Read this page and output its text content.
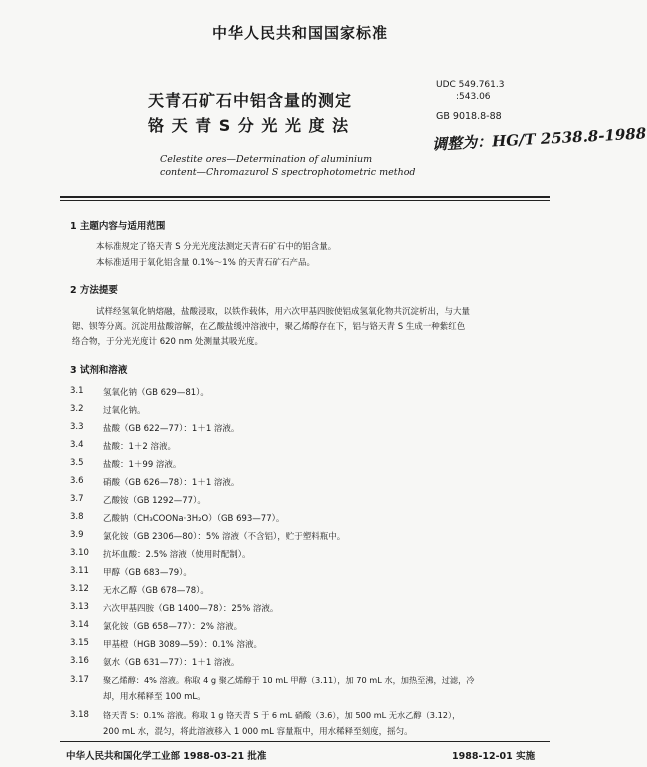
中华人民共和国国家标准
天青石矿石中铝含量的测定
铬 天 青 S 分 光 光 度 法
UDC 549.761.3
:543.06
GB 9018.8-88
调整为：HG/T 2538.8-1988
Celestite ores—Determination of aluminium
content—Chromazurol S spectrophotometric method
1 主题内容与适用范围
本标准规定了铬天青 S 分光光度法测定天青石矿石中的铝含量。
本标准适用于氧化铝含量 0.1%～1% 的天青石矿石产品。
2 方法提要
试样经氢氧化钠熔融，盐酸浸取，以铁作载体，用六次甲基四胺使铝成氢氧化物共沉淀析出，与大量
锶、钡等分离。沉淀用盐酸溶解，在乙酸盐缓冲溶液中，聚乙烯醇存在下，铝与铬天青 S 生成一种紫红色
络合物，于分光光度计 620 nm 处测量其吸光度。
3 试剂和溶液
3.1 氢氧化钠（GB 629—81）。
3.2 过氧化钠。
3.3 盐酸（GB 622—77）：1＋1 溶液。
3.4 盐酸：1＋2 溶液。
3.5 盐酸：1＋99 溶液。
3.6 硝酸（GB 626—78）：1＋1 溶液。
3.7 乙酸铵（GB 1292—77）。
3.8 乙酸钠（CH₃COONa·3H₂O）（GB 693—77）。
3.9 氯化铵（GB 2306—80）：5% 溶液（不含铝），贮于塑料瓶中。
3.10 抗坏血酸：2.5% 溶液（使用时配制）。
3.11 甲醇（GB 683—79）。
3.12 无水乙醇（GB 678—78）。
3.13 六次甲基四胺（GB 1400—78）：25% 溶液。
3.14 氯化铵（GB 658—77）：2% 溶液。
3.15 甲基橙（HGB 3089—59）：0.1% 溶液。
3.16 氨水（GB 631—77）：1＋1 溶液。
3.17 聚乙烯醇：4% 溶液。称取 4 g 聚乙烯醇于 10 mL 甲醇（3.11），加 70 mL 水，加热至沸，过滤，冷
却，用水稀释至 100 mL。
3.18 铬天青 S：0.1% 溶液。称取 1 g 铬天青 S 于 6 mL 硝酸（3.6），加 500 mL 无水乙醇（3.12），
200 mL 水，混匀，将此溶液移入 1 000 mL 容量瓶中，用水稀释至刻度，摇匀。
中华人民共和国化学工业部 1988-03-21 批准	1988-12-01 实施
